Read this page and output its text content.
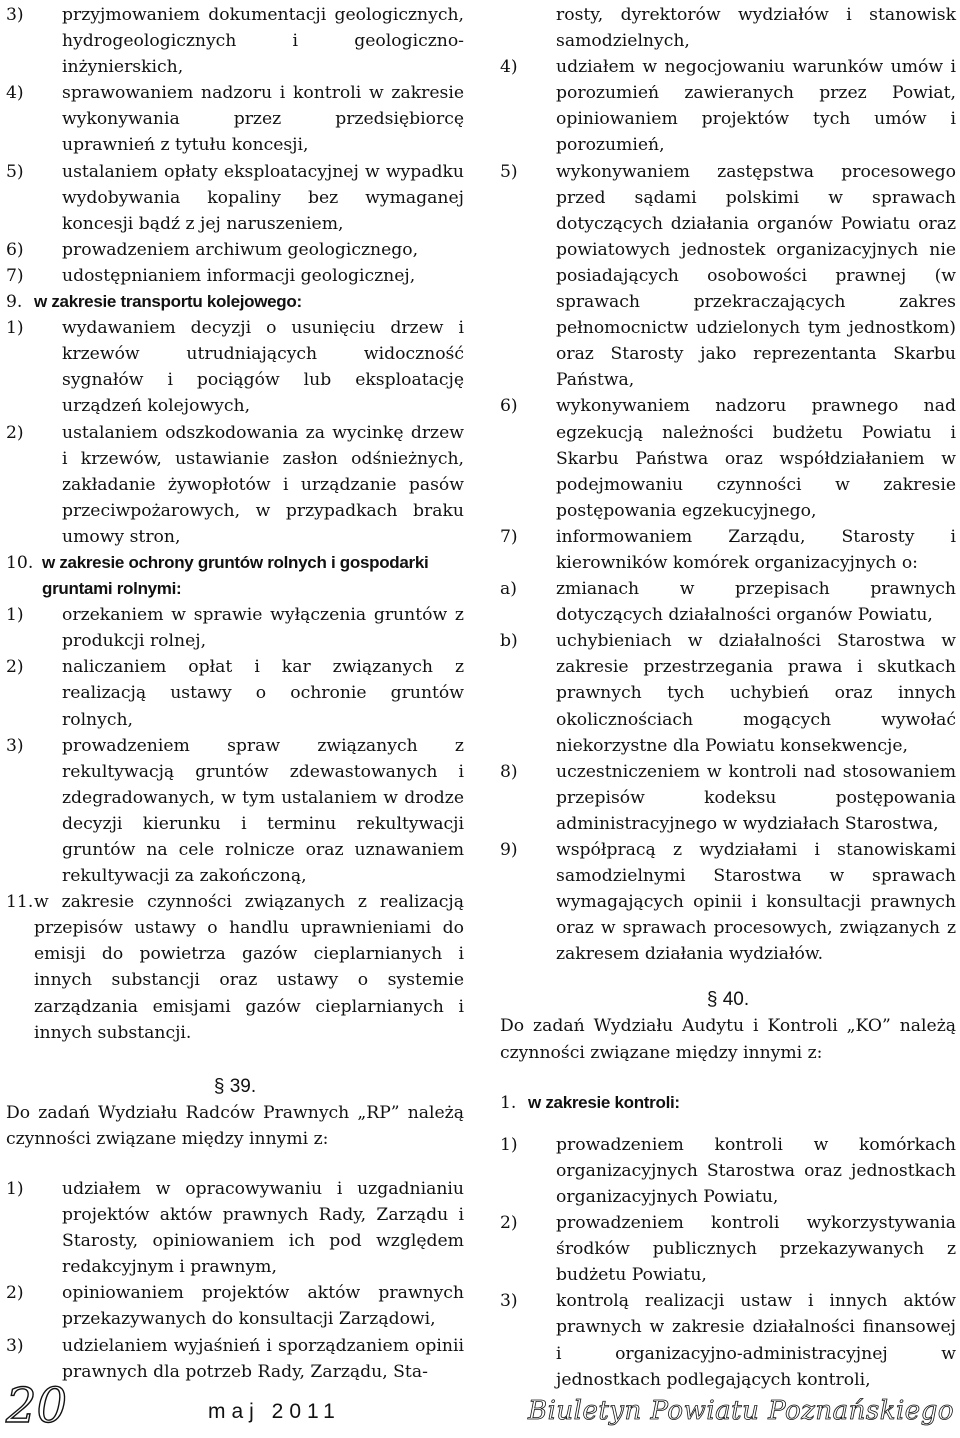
3)	przyjmowaniem dokumentacji geologicznych, hydrogeologicznych i geologiczno-inżynierskich,
4)	sprawowaniem nadzoru i kontroli w zakresie wykonywania przez przedsiębiorcę uprawnień z tytułu koncesji,
5)	ustalaniem opłaty eksploatacyjnej w wypadku wydobywania kopaliny bez wymaganej koncesji bądź z jej naruszeniem,
6)	prowadzeniem archiwum geologicznego,
7)	udostępnianiem informacji geologicznej,
9. w zakresie transportu kolejowego:
1)	wydawaniem decyzji o usunięciu drzew i krzewów utrudniających widoczność sygnałów i pociągów lub eksploatację urządzeń kolejowych,
2)	ustalaniem odszkodowania za wycinkę drzew i krzewów, ustawianie zasłon odśnieżnych, zakładanie żywopłotów i urządzanie pasów przeciwpożarowych, w przypadkach braku umowy stron,
10. w zakresie ochrony gruntów rolnych i gospodarki gruntami rolnymi:
1)	orzekaniem w sprawie wyłączenia gruntów z produkcji rolnej,
2)	naliczaniem opłat i kar związanych z realizacją ustawy o ochronie gruntów rolnych,
3)	prowadzeniem spraw związanych z rekultywacją gruntów zdewastowanych i zdegradowanych, w tym ustalaniem w drodze decyzji kierunku i terminu rekultywacji gruntów na cele rolnicze oraz uznawaniem rekultywacji za zakończoną,
11. w zakresie czynności związanych z realizacją przepisów ustawy o handlu uprawnieniami do emisji do powietrza gazów cieplarnianych i innych substancji oraz ustawy o systemie zarządzania emisjami gazów cieplarnianych i innych substancji.
§ 39.
Do zadań Wydziału Radców Prawnych „RP” należą czynności związane między innymi z:
1)	udziałem w opracowywaniu i uzgadnianiu projektów aktów prawnych Rady, Zarządu i Starosty, opiniowaniem ich pod względem redakcyjnym i prawnym,
2)	opiniowaniem projektów aktów prawnych przekazywanych do konsultacji Zarządowi,
3)	udzielaniem wyjaśnień i sporządzaniem opinii prawnych dla potrzeb Rady, Zarządu, Sta-
rosty, dyrektorów wydziałów i stanowisk samodzielnych,
4)	udziałem w negocjowaniu warunków umów i porozumień zawieranych przez Powiat, opiniowaniem projektów tych umów i porozumień,
5)	wykonywaniem zastępstwa procesowego przed sądami polskimi w sprawach dotyczących działania organów Powiatu oraz powiatowych jednostek organizacyjnych nie posiadających osobowości prawnej (w sprawach przekraczających zakres pełnomocnictw udzielonych tym jednostkom) oraz Starosty jako reprezentanta Skarbu Państwa,
6)	wykonywaniem nadzoru prawnego nad egzekucją należności budżetu Powiatu i Skarbu Państwa oraz współdziałaniem w podejmowaniu czynności w zakresie postępowania egzekucyjnego,
7)	informowaniem Zarządu, Starosty i kierowników komórek organizacyjnych o:
a)	zmianach w przepisach prawnych dotyczących działalności organów Powiatu,
b)	uchybieniach w działalności Starostwa w zakresie przestrzegania prawa i skutkach prawnych tych uchybień oraz innych okolicznościach mogących wywołać niekorzystne dla Powiatu konsekwencje,
8)	uczestniczeniem w kontroli nad stosowaniem przepisów kodeksu postępowania administracyjnego w wydziałach Starostwa,
9)	współpracą z wydziałami i stanowiskami samodzielnymi Starostwa w sprawach wymagających opinii i konsultacji prawnych oraz w sprawach procesowych, związanych z zakresem działania wydziałów.
§ 40.
Do zadań Wydziału Audytu i Kontroli „KO” należą czynności związane między innymi z:
1. w zakresie kontroli:
1)	prowadzeniem kontroli w komórkach organizacyjnych Starostwa oraz jednostkach organizacyjnych Powiatu,
2)	prowadzeniem kontroli wykorzystywania środków publicznych przekazywanych z budżetu Powiatu,
3)	kontrolą realizacji ustaw i innych aktów prawnych w zakresie działalności finansowej i organizacyjno-administracyjnej w jednostkach podlegających kontroli,
20	maj 2011	Biuletyn Powiatu Poznańskiego
